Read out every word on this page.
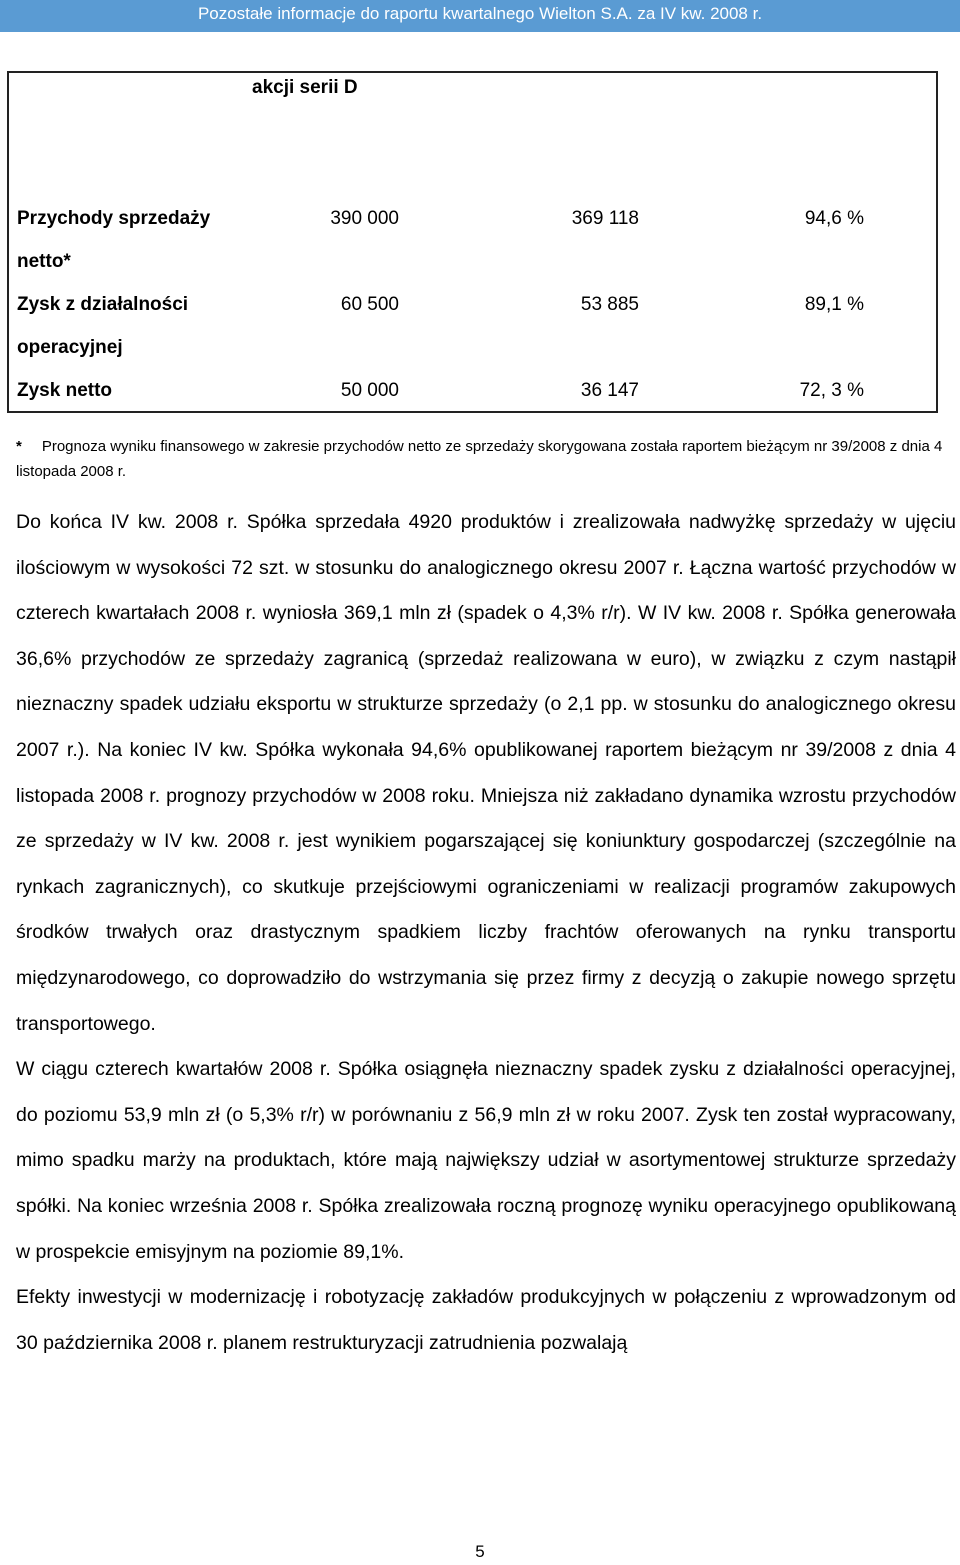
Pozostałe informacje do raportu kwartalnego Wielton S.A. za IV kw. 2008 r.
akcji serii D				

Przychody sprzedaży	390 000	369 118	94,6 %	
netto*				
Zysk z działalności	60 500	53 885	89,1 %	
operacyjnej				
Zysk netto	50 000	36 147	72, 3 %	
* Prognoza wyniku finansowego w zakresie przychodów netto ze sprzedaży skorygowana została raportem bieżącym nr 39/2008 z dnia 4 listopada 2008 r.

Do końca IV kw. 2008 r. Spółka sprzedała 4920 produktów i zrealizowała nadwyżkę sprzedaży w ujęciu ilościowym w wysokości 72 szt. w stosunku do analogicznego okresu 2007 r. Łączna wartość przychodów w czterech kwartałach 2008 r. wyniosła 369,1 mln zł (spadek o 4,3% r/r). W IV kw. 2008 r. Spółka generowała 36,6% przychodów ze sprzedaży zagranicą (sprzedaż realizowana w euro), w związku z czym nastąpił nieznaczny spadek udziału eksportu w strukturze sprzedaży (o 2,1 pp. w stosunku do analogicznego okresu 2007 r.). Na koniec IV kw. Spółka wykonała 94,6% opublikowanej raportem bieżącym nr 39/2008 z dnia 4 listopada 2008 r. prognozy przychodów w 2008 roku. Mniejsza niż zakładano dynamika wzrostu przychodów ze sprzedaży w IV kw. 2008 r. jest wynikiem pogarszającej się koniunktury gospodarczej (szczególnie na rynkach zagranicznych), co skutkuje przejściowymi ograniczeniami w realizacji programów zakupowych środków trwałych oraz drastycznym spadkiem liczby frachtów oferowanych na rynku transportu międzynarodowego, co doprowadziło do wstrzymania się przez firmy z decyzją o zakupie nowego sprzętu transportowego.

W ciągu czterech kwartałów 2008 r. Spółka osiągnęła nieznaczny spadek zysku z działalności operacyjnej, do poziomu 53,9 mln zł (o 5,3% r/r) w porównaniu z 56,9 mln zł w roku 2007. Zysk ten został wypracowany, mimo spadku marży na produktach, które mają największy udział w asortymentowej strukturze sprzedaży spółki. Na koniec września 2008 r. Spółka zrealizowała roczną prognozę wyniku operacyjnego opublikowaną w prospekcie emisyjnym na poziomie 89,1%.

Efekty inwestycji w modernizację i robotyzację zakładów produkcyjnych w połączeniu z wprowadzonym od 30 października 2008 r. planem restrukturyzacji zatrudnienia pozwalają

5
